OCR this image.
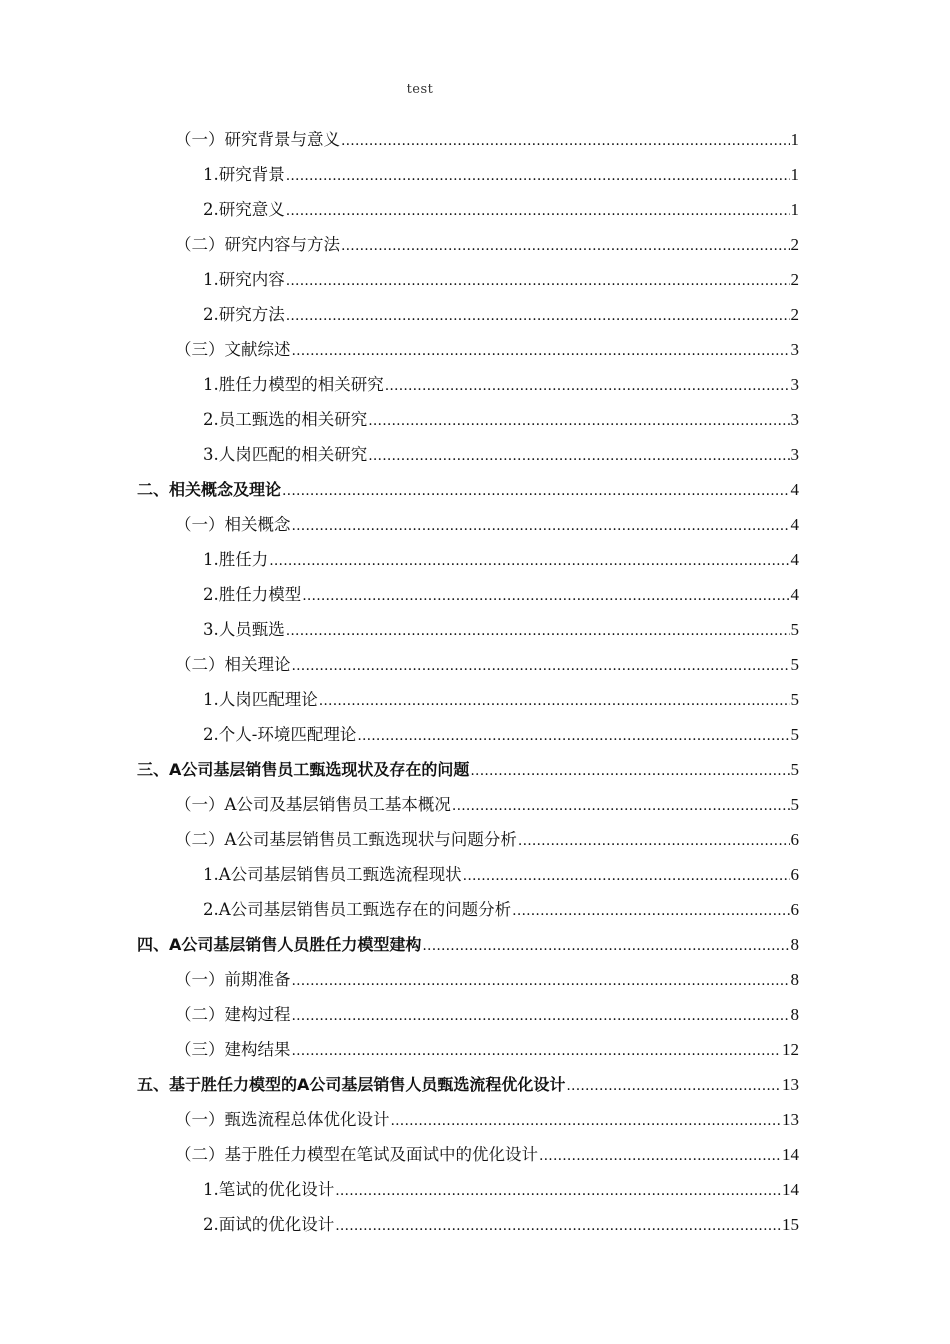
test
（一）研究背景与意义 .....	1
1.研究背景 .....	1
2.研究意义 .....	1
（二）研究内容与方法 .....	2
1.研究内容 .....	2
2.研究方法 .....	2
（三）文献综述 .....	3
1.胜任力模型的相关研究 .....	3
2.员工甄选的相关研究 .....	3
3.人岗匹配的相关研究 .....	3
二、相关概念及理论 .....	4
（一）相关概念 .....	4
1.胜任力 .....	4
2.胜任力模型 .....	4
3.人员甄选 .....	5
（二）相关理论 .....	5
1.人岗匹配理论 .....	5
2.个人-环境匹配理论 .....	5
三、A公司基层销售员工甄选现状及存在的问题 .....	5
（一）A公司及基层销售员工基本概况 .....	5
（二）A公司基层销售员工甄选现状与问题分析 .....	6
1.A公司基层销售员工甄选流程现状 .....	6
2.A公司基层销售员工甄选存在的问题分析 .....	6
四、A公司基层销售人员胜任力模型建构 .....	8
（一）前期准备 .....	8
（二）建构过程 .....	8
（三）建构结果 .....	12
五、基于胜任力模型的A公司基层销售人员甄选流程优化设计 .....	13
（一）甄选流程总体优化设计 .....	13
（二）基于胜任力模型在笔试及面试中的优化设计 .....	14
1.笔试的优化设计 .....	14
2.面试的优化设计 .....	15
